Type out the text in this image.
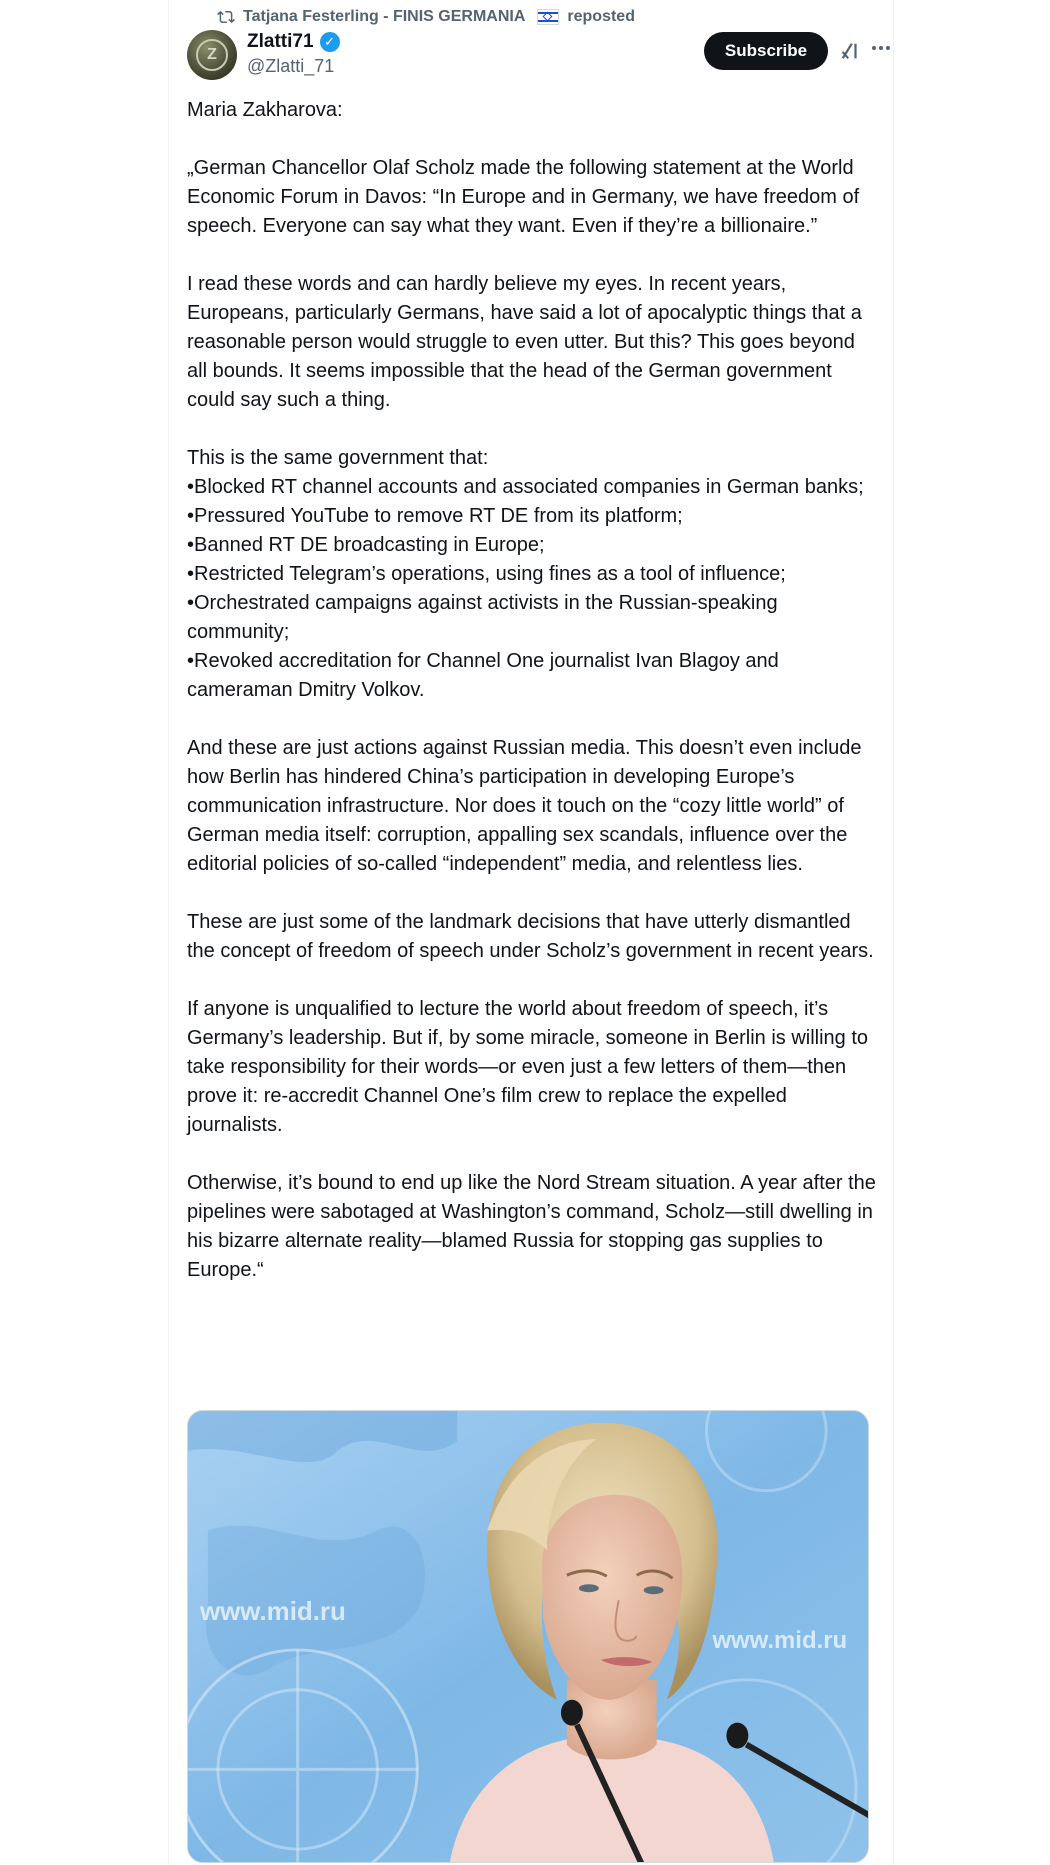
Tatjana Festerling - FINIS GERMANIA	reposted
Z
Zlatti71 ✓
@Zlatti_71
Subscribe

Maria Zakharova:

„German Chancellor Olaf Scholz made the following statement at the World Economic Forum in Davos: “In Europe and in Germany, we have freedom of speech. Everyone can say what they want. Even if they’re a billionaire.”

I read these words and can hardly believe my eyes. In recent years, Europeans, particularly Germans, have said a lot of apocalyptic things that a reasonable person would struggle to even utter. But this? This goes beyond all bounds. It seems impossible that the head of the German government could say such a thing.

This is the same government that:

•Blocked RT channel accounts and associated companies in German banks;

•Pressured YouTube to remove RT DE from its platform;

•Banned RT DE broadcasting in Europe;

•Restricted Telegram’s operations, using fines as a tool of influence;

•Orchestrated campaigns against activists in the Russian-speaking community;

•Revoked accreditation for Channel One journalist Ivan Blagoy and cameraman Dmitry Volkov.

And these are just actions against Russian media. This doesn’t even include how Berlin has hindered China’s participation in developing Europe’s communication infrastructure. Nor does it touch on the “cozy little world” of German media itself: corruption, appalling sex scandals, influence over the editorial policies of so-called “independent” media, and relentless lies.

These are just some of the landmark decisions that have utterly dismantled the concept of freedom of speech under Scholz’s government in recent years.

If anyone is unqualified to lecture the world about freedom of speech, it’s Germany’s leadership. But if, by some miracle, someone in Berlin is willing to take responsibility for their words—or even just a few letters of them—then prove it: re-accredit Channel One’s film crew to replace the expelled journalists.

Otherwise, it’s bound to end up like the Nord Stream situation. A year after the pipelines were sabotaged at Washington’s command, Scholz—still dwelling in his bizarre alternate reality—blamed Russia for stopping gas supplies to Europe.“

www.mid.ru
www.mid.ru
